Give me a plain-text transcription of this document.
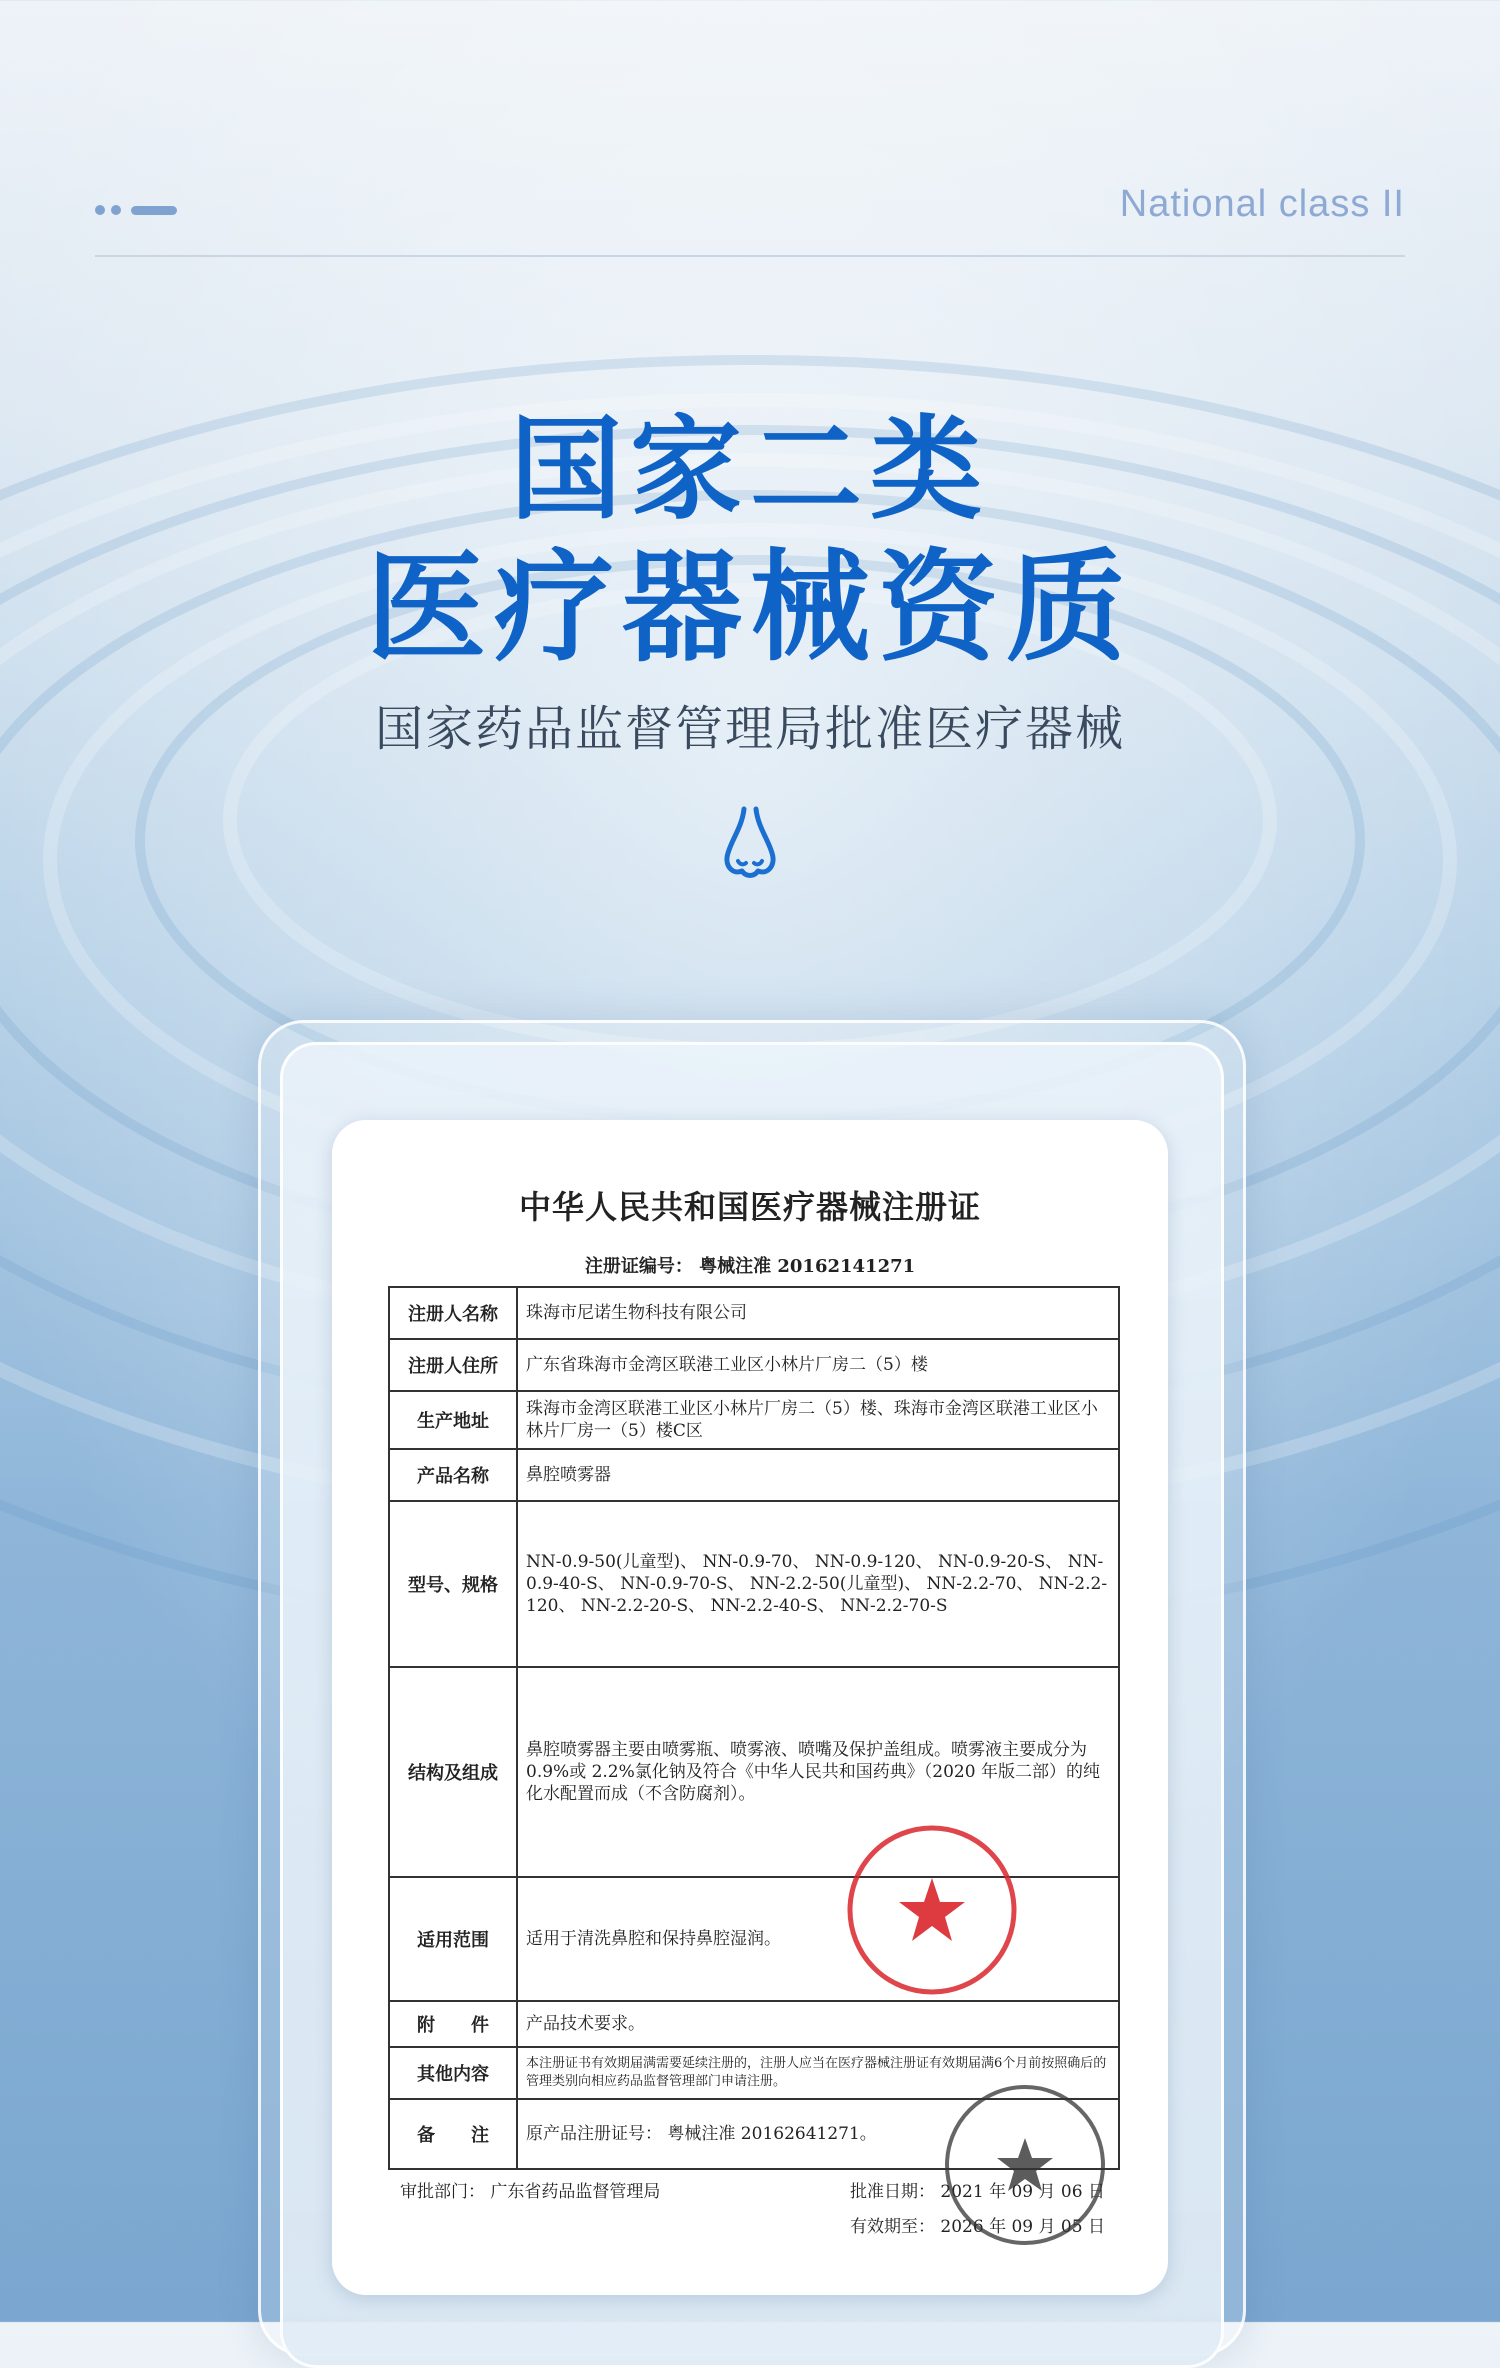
National class II
国家二类
医疗器械资质
国家药品监督管理局批准医疗器械
中华人民共和国医疗器械注册证
注册证编号： 粤械注准 20162141271
注册人名称	珠海市尼诺生物科技有限公司
注册人住所	广东省珠海市金湾区联港工业区小林片厂房二（5）楼
生产地址	珠海市金湾区联港工业区小林片厂房二（5）楼、珠海市金湾区联港工业区小林片厂房一（5）楼C区
产品名称	鼻腔喷雾器
型号、规格	NN-0.9-50(儿童型)、 NN-0.9-70、 NN-0.9-120、 NN-0.9-20-S、 NN-0.9-40-S、 NN-0.9-70-S、 NN-2.2-50(儿童型)、 NN-2.2-70、 NN-2.2-120、 NN-2.2-20-S、 NN-2.2-40-S、 NN-2.2-70-S
结构及组成	鼻腔喷雾器主要由喷雾瓶、喷雾液、喷嘴及保护盖组成。喷雾液主要成分为 0.9%或 2.2%氯化钠及符合《中华人民共和国药典》（2020 年版二部）的纯化水配置而成（不含防腐剂）。
适用范围	适用于清洗鼻腔和保持鼻腔湿润。
附　　件	产品技术要求。
其他内容	本注册证书有效期届满需要延续注册的，注册人应当在医疗器械注册证有效期届满6个月前按照确后的管理类别向相应药品监督管理部门申请注册。
备　　注	原产品注册证号： 粤械注准 20162641271。
审批部门： 广东省药品监督管理局	批准日期： 2021 年 09 月 06 日
有效期至： 2026 年 09 月 05 日
